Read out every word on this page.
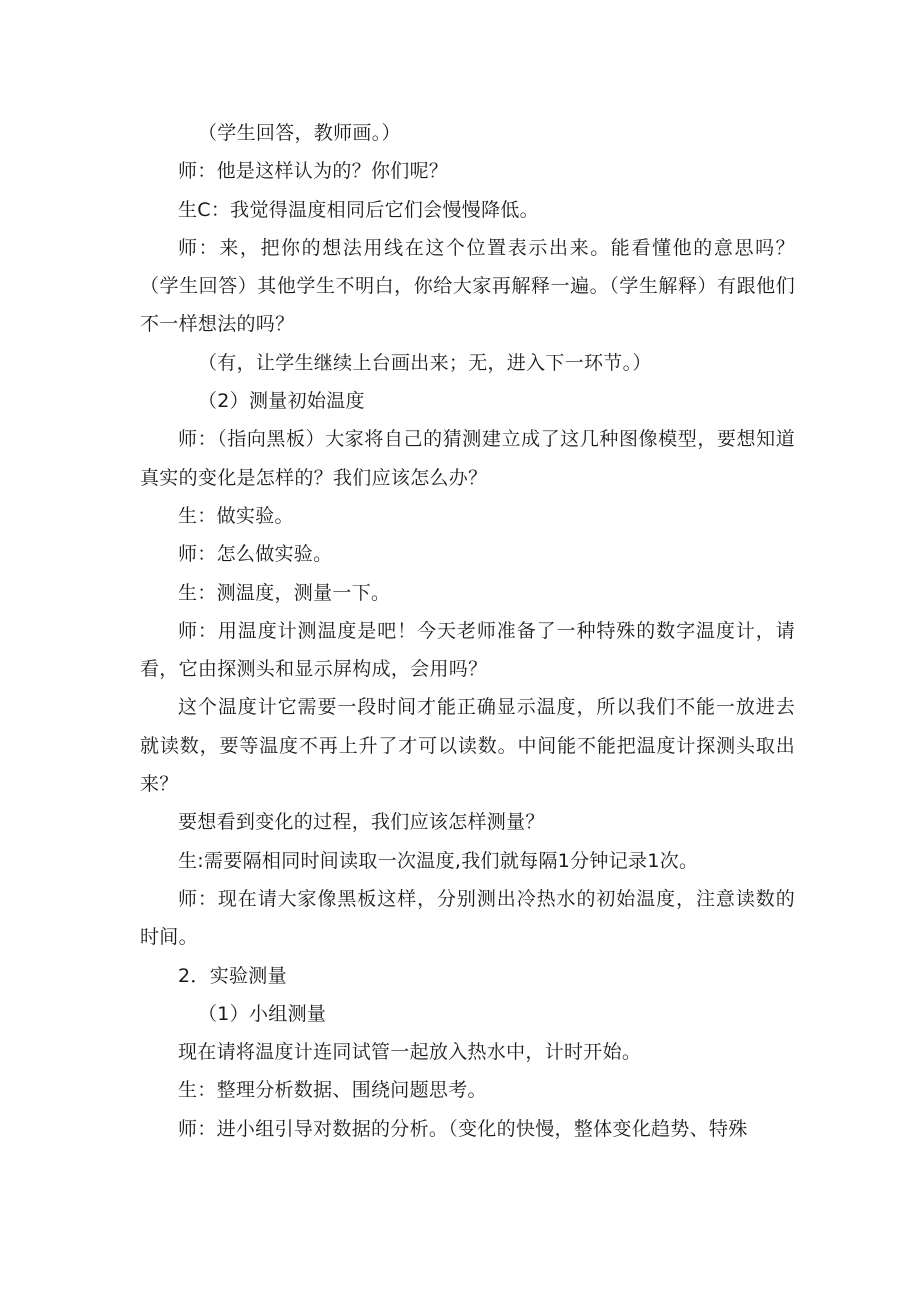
（学生回答，教师画。）

师：他是这样认为的？你们呢？

生C：我觉得温度相同后它们会慢慢降低。

师：来，把你的想法用线在这个位置表示出来。能看懂他的意思吗？（学生回答）其他学生不明白，你给大家再解释一遍。（学生解释）有跟他们不一样想法的吗？

（有，让学生继续上台画出来；无，进入下一环节。）

（2）测量初始温度

师：（指向黑板）大家将自己的猜测建立成了这几种图像模型，要想知道真实的变化是怎样的？我们应该怎么办？

生：做实验。

师：怎么做实验。

生：测温度，测量一下。

师：用温度计测温度是吧！今天老师准备了一种特殊的数字温度计，请看，它由探测头和显示屏构成，会用吗？

这个温度计它需要一段时间才能正确显示温度，所以我们不能一放进去就读数，要等温度不再上升了才可以读数。中间能不能把温度计探测头取出来？

要想看到变化的过程，我们应该怎样测量？

生:需要隔相同时间读取一次温度,我们就每隔1分钟记录1次。

师：现在请大家像黑板这样，分别测出冷热水的初始温度，注意读数的时间。

2．实验测量

（1）小组测量

现在请将温度计连同试管一起放入热水中，计时开始。

生：整理分析数据、围绕问题思考。

师：进小组引导对数据的分析。（变化的快慢，整体变化趋势、特殊
